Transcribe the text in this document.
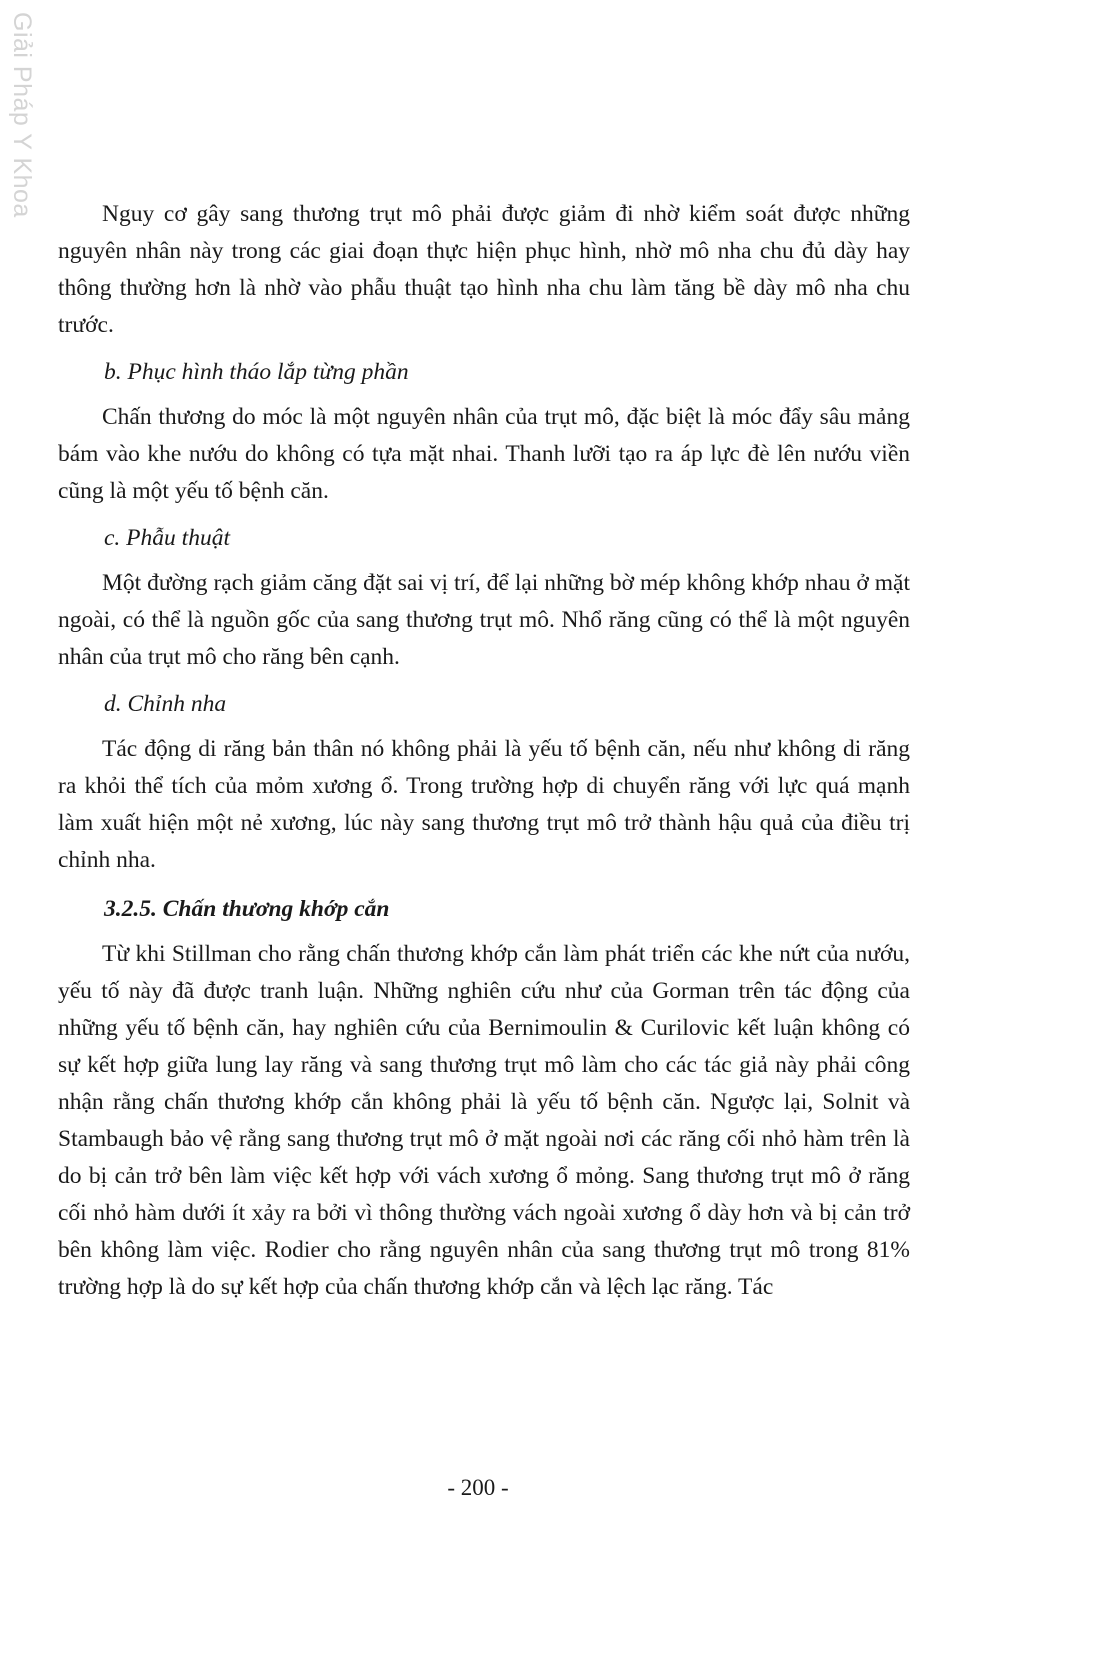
Giải Pháp Y Khoa	Nguy cơ gây sang thương trụt mô phải được giảm đi nhờ kiểm soát được những nguyên nhân này trong các giai đoạn thực hiện phục hình, nhờ mô nha chu đủ dày hay thông thường hơn là nhờ vào phẫu thuật tạo hình nha chu làm tăng bề dày mô nha chu trước.

b. Phục hình tháo lắp từng phần

Chấn thương do móc là một nguyên nhân của trụt mô, đặc biệt là móc đẩy sâu mảng bám vào khe nướu do không có tựa mặt nhai. Thanh lưỡi tạo ra áp lực đè lên nướu viền cũng là một yếu tố bệnh căn.

c. Phẫu thuật

Một đường rạch giảm căng đặt sai vị trí, để lại những bờ mép không khớp nhau ở mặt ngoài, có thể là nguồn gốc của sang thương trụt mô. Nhổ răng cũng có thể là một nguyên nhân của trụt mô cho răng bên cạnh.

d. Chỉnh nha

Tác động di răng bản thân nó không phải là yếu tố bệnh căn, nếu như không di răng ra khỏi thể tích của mỏm xương ổ. Trong trường hợp di chuyển răng với lực quá mạnh làm xuất hiện một nẻ xương, lúc này sang thương trụt mô trở thành hậu quả của điều trị chỉnh nha.

3.2.5. Chấn thương khớp cắn

Từ khi Stillman cho rằng chấn thương khớp cắn làm phát triển các khe nứt của nướu, yếu tố này đã được tranh luận. Những nghiên cứu như của Gorman trên tác động của những yếu tố bệnh căn, hay nghiên cứu của Bernimoulin & Curilovic kết luận không có sự kết hợp giữa lung lay răng và sang thương trụt mô làm cho các tác giả này phải công nhận rằng chấn thương khớp cắn không phải là yếu tố bệnh căn. Ngược lại, Solnit và Stambaugh bảo vệ rằng sang thương trụt mô ở mặt ngoài nơi các răng cối nhỏ hàm trên là do bị cản trở bên làm việc kết hợp với vách xương ổ mỏng. Sang thương trụt mô ở răng cối nhỏ hàm dưới ít xảy ra bởi vì thông thường vách ngoài xương ổ dày hơn và bị cản trở bên không làm việc. Rodier cho rằng nguyên nhân của sang thương trụt mô trong 81% trường hợp là do sự kết hợp của chấn thương khớp cắn và lệch lạc răng. Tác

- 200 -
